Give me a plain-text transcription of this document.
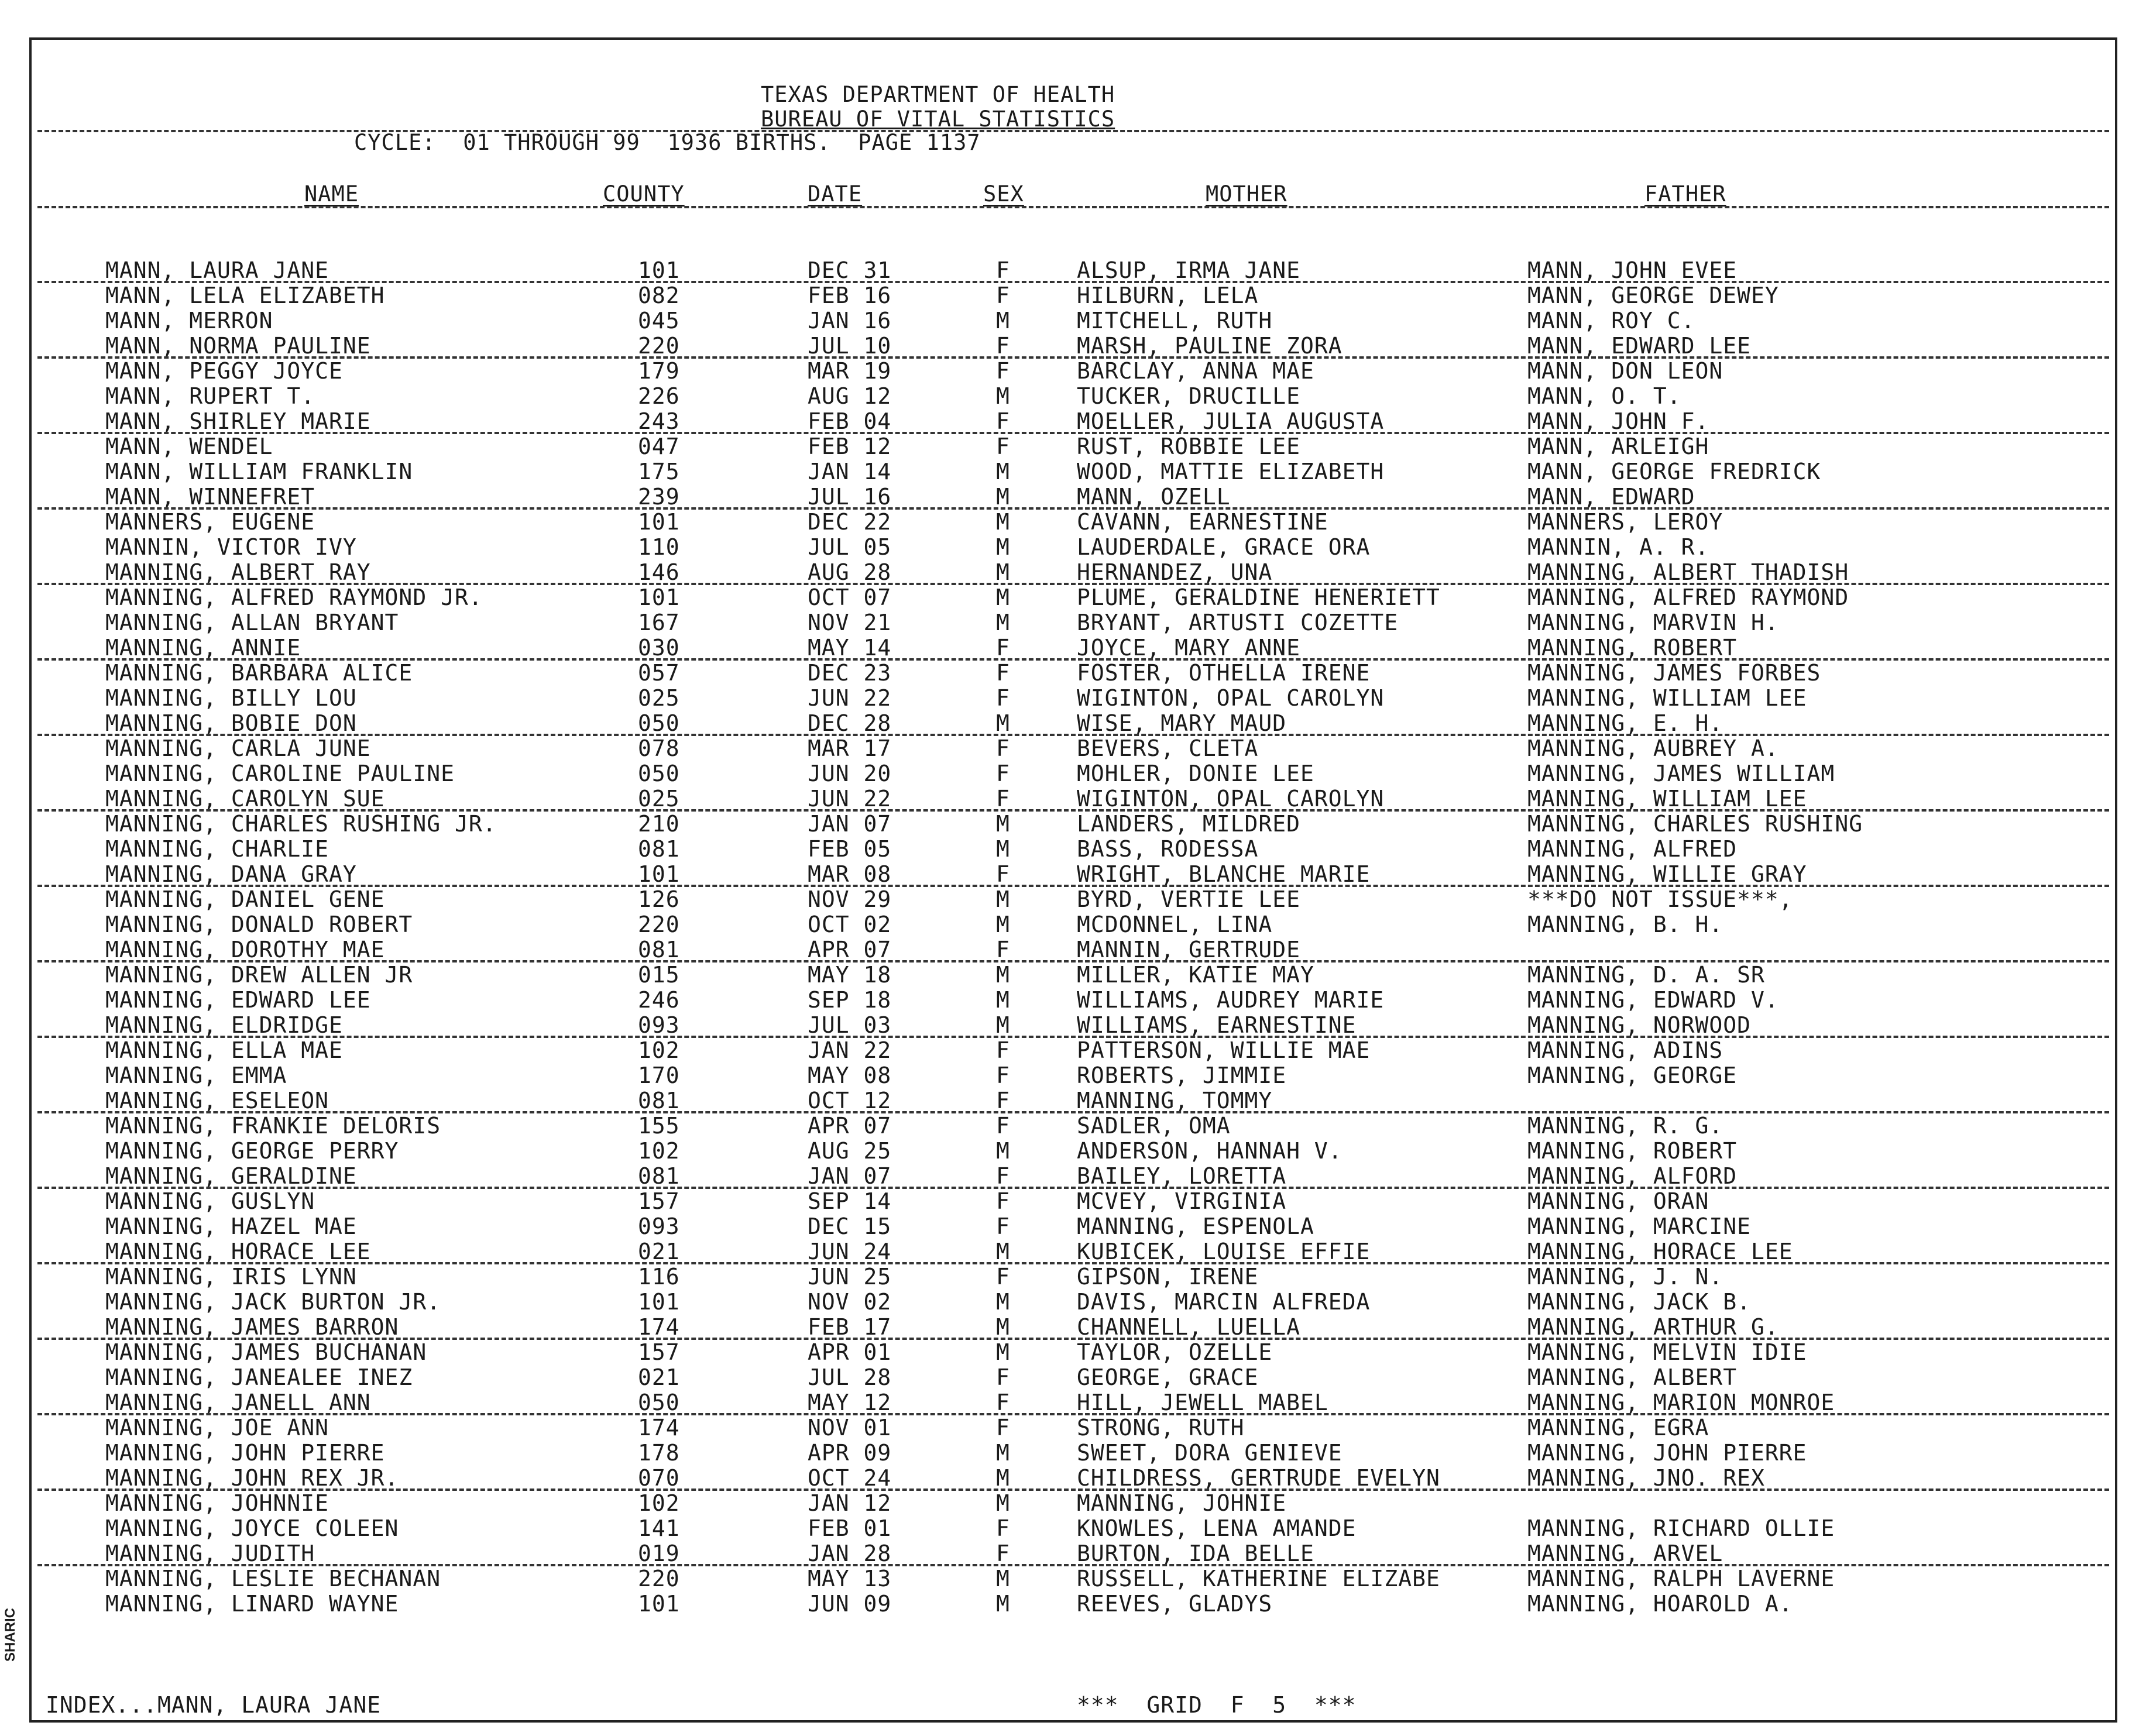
TEXAS DEPARTMENT OF HEALTH
BUREAU OF VITAL STATISTICS
CYCLE:  01 THROUGH 99  1936 BIRTHS.  PAGE 1137
NAME	COUNTY	DATE	SEX	MOTHER	FATHER
MANN, LAURA JANE	101	DEC 31	F	ALSUP, IRMA JANE	MANN, JOHN EVEE
MANN, LELA ELIZABETH	082	FEB 16	F	HILBURN, LELA	MANN, GEORGE DEWEY
MANN, MERRON	045	JAN 16	M	MITCHELL, RUTH	MANN, ROY C.
MANN, NORMA PAULINE	220	JUL 10	F	MARSH, PAULINE ZORA	MANN, EDWARD LEE
MANN, PEGGY JOYCE	179	MAR 19	F	BARCLAY, ANNA MAE	MANN, DON LEON
MANN, RUPERT T.	226	AUG 12	M	TUCKER, DRUCILLE	MANN, O. T.
MANN, SHIRLEY MARIE	243	FEB 04	F	MOELLER, JULIA AUGUSTA	MANN, JOHN F.
MANN, WENDEL	047	FEB 12	F	RUST, ROBBIE LEE	MANN, ARLEIGH
MANN, WILLIAM FRANKLIN	175	JAN 14	M	WOOD, MATTIE ELIZABETH	MANN, GEORGE FREDRICK
MANN, WINNEFRET	239	JUL 16	M	MANN, OZELL	MANN, EDWARD
MANNERS, EUGENE	101	DEC 22	M	CAVANN, EARNESTINE	MANNERS, LEROY
MANNIN, VICTOR IVY	110	JUL 05	M	LAUDERDALE, GRACE ORA	MANNIN, A. R.
MANNING, ALBERT RAY	146	AUG 28	M	HERNANDEZ, UNA	MANNING, ALBERT THADISH
MANNING, ALFRED RAYMOND JR.	101	OCT 07	M	PLUME, GERALDINE HENERIETT	MANNING, ALFRED RAYMOND
MANNING, ALLAN BRYANT	167	NOV 21	M	BRYANT, ARTUSTI COZETTE	MANNING, MARVIN H.
MANNING, ANNIE	030	MAY 14	F	JOYCE, MARY ANNE	MANNING, ROBERT
MANNING, BARBARA ALICE	057	DEC 23	F	FOSTER, OTHELLA IRENE	MANNING, JAMES FORBES
MANNING, BILLY LOU	025	JUN 22	F	WIGINTON, OPAL CAROLYN	MANNING, WILLIAM LEE
MANNING, BOBIE DON	050	DEC 28	M	WISE, MARY MAUD	MANNING, E. H.
MANNING, CARLA JUNE	078	MAR 17	F	BEVERS, CLETA	MANNING, AUBREY A.
MANNING, CAROLINE PAULINE	050	JUN 20	F	MOHLER, DONIE LEE	MANNING, JAMES WILLIAM
MANNING, CAROLYN SUE	025	JUN 22	F	WIGINTON, OPAL CAROLYN	MANNING, WILLIAM LEE
MANNING, CHARLES RUSHING JR.	210	JAN 07	M	LANDERS, MILDRED	MANNING, CHARLES RUSHING
MANNING, CHARLIE	081	FEB 05	M	BASS, RODESSA	MANNING, ALFRED
MANNING, DANA GRAY	101	MAR 08	F	WRIGHT, BLANCHE MARIE	MANNING, WILLIE GRAY
MANNING, DANIEL GENE	126	NOV 29	M	BYRD, VERTIE LEE	***DO NOT ISSUE***,
MANNING, DONALD ROBERT	220	OCT 02	M	MCDONNEL, LINA	MANNING, B. H.
MANNING, DOROTHY MAE	081	APR 07	F	MANNIN, GERTRUDE
MANNING, DREW ALLEN JR	015	MAY 18	M	MILLER, KATIE MAY	MANNING, D. A. SR
MANNING, EDWARD LEE	246	SEP 18	M	WILLIAMS, AUDREY MARIE	MANNING, EDWARD V.
MANNING, ELDRIDGE	093	JUL 03	M	WILLIAMS, EARNESTINE	MANNING, NORWOOD
MANNING, ELLA MAE	102	JAN 22	F	PATTERSON, WILLIE MAE	MANNING, ADINS
MANNING, EMMA	170	MAY 08	F	ROBERTS, JIMMIE	MANNING, GEORGE
MANNING, ESELEON	081	OCT 12	F	MANNING, TOMMY
MANNING, FRANKIE DELORIS	155	APR 07	F	SADLER, OMA	MANNING, R. G.
MANNING, GEORGE PERRY	102	AUG 25	M	ANDERSON, HANNAH V.	MANNING, ROBERT
MANNING, GERALDINE	081	JAN 07	F	BAILEY, LORETTA	MANNING, ALFORD
MANNING, GUSLYN	157	SEP 14	F	MCVEY, VIRGINIA	MANNING, ORAN
MANNING, HAZEL MAE	093	DEC 15	F	MANNING, ESPENOLA	MANNING, MARCINE
MANNING, HORACE LEE	021	JUN 24	M	KUBICEK, LOUISE EFFIE	MANNING, HORACE LEE
MANNING, IRIS LYNN	116	JUN 25	F	GIPSON, IRENE	MANNING, J. N.
MANNING, JACK BURTON JR.	101	NOV 02	M	DAVIS, MARCIN ALFREDA	MANNING, JACK B.
MANNING, JAMES BARRON	174	FEB 17	M	CHANNELL, LUELLA	MANNING, ARTHUR G.
MANNING, JAMES BUCHANAN	157	APR 01	M	TAYLOR, OZELLE	MANNING, MELVIN IDIE
MANNING, JANEALEE INEZ	021	JUL 28	F	GEORGE, GRACE	MANNING, ALBERT
MANNING, JANELL ANN	050	MAY 12	F	HILL, JEWELL MABEL	MANNING, MARION MONROE
MANNING, JOE ANN	174	NOV 01	F	STRONG, RUTH	MANNING, EGRA
MANNING, JOHN PIERRE	178	APR 09	M	SWEET, DORA GENIEVE	MANNING, JOHN PIERRE
MANNING, JOHN REX JR.	070	OCT 24	M	CHILDRESS, GERTRUDE EVELYN	MANNING, JNO. REX
MANNING, JOHNNIE	102	JAN 12	M	MANNING, JOHNIE
MANNING, JOYCE COLEEN	141	FEB 01	F	KNOWLES, LENA AMANDE	MANNING, RICHARD OLLIE
MANNING, JUDITH	019	JAN 28	F	BURTON, IDA BELLE	MANNING, ARVEL
MANNING, LESLIE BECHANAN	220	MAY 13	M	RUSSELL, KATHERINE ELIZABE	MANNING, RALPH LAVERNE
MANNING, LINARD WAYNE	101	JUN 09	M	REEVES, GLADYS	MANNING, HOAROLD A.
INDEX...MANN, LAURA JANE	***  GRID  F  5  ***
SHARIC
